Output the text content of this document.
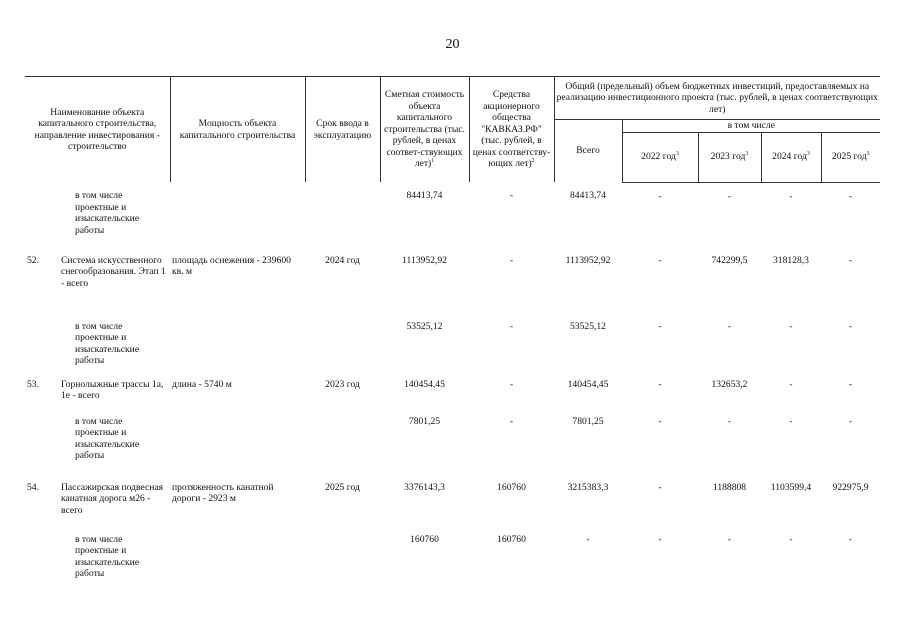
20
Наименование объекта капитального строительства, направление инвестирования - строительство		Мощность объекта капитального строительства	Срок ввода в эксплуатацию	Сметная стоимость объекта капитального строительства (тыс. рублей, в ценах соответ-ствующих лет)$^1$	Средства акционерного общества "КАВКАЗ.РФ" (тыс. рублей, в ценах соответству-ющих лет)$^2$	Общий (предельный) объем бюджетных инвестиций, предоставляемых на реализацию инвестиционного проекта (тыс. рублей, в ценах соответствующих лет)				
						Всего	в том числе			
							2022 год$^3$	2023 год$^3$	2024 год$^3$	2025 год$^3$
	в том числе проектные и изыскательские работы			84413,74	-	84413,74	-	-	-	-
52.	Система искусственного снегообразования. Этап 1 - всего	площадь оснежения - 239600 кв. м	2024 год	1113952,92	-	1113952,92	-	742299,5	318128,3	-
	в том числе проектные и изыскательские работы			53525,12	-	53525,12	-	-	-	-
53.	Горнолыжные трассы 1а, 1е - всего	длина - 5740 м	2023 год	140454,45	-	140454,45	-	132653,2	-	-
	в том числе проектные и изыскательские работы			7801,25	-	7801,25	-	-	-	-
54.	Пассажирская подвесная канатная дорога м26 - всего	протяженность канатной дороги - 2923 м	2025 год	3376143,3	160760	3215383,3	-	1188808	1103599,4	922975,9
	в том числе проектные и изыскательские работы			160760	160760	-	-	-	-	-
